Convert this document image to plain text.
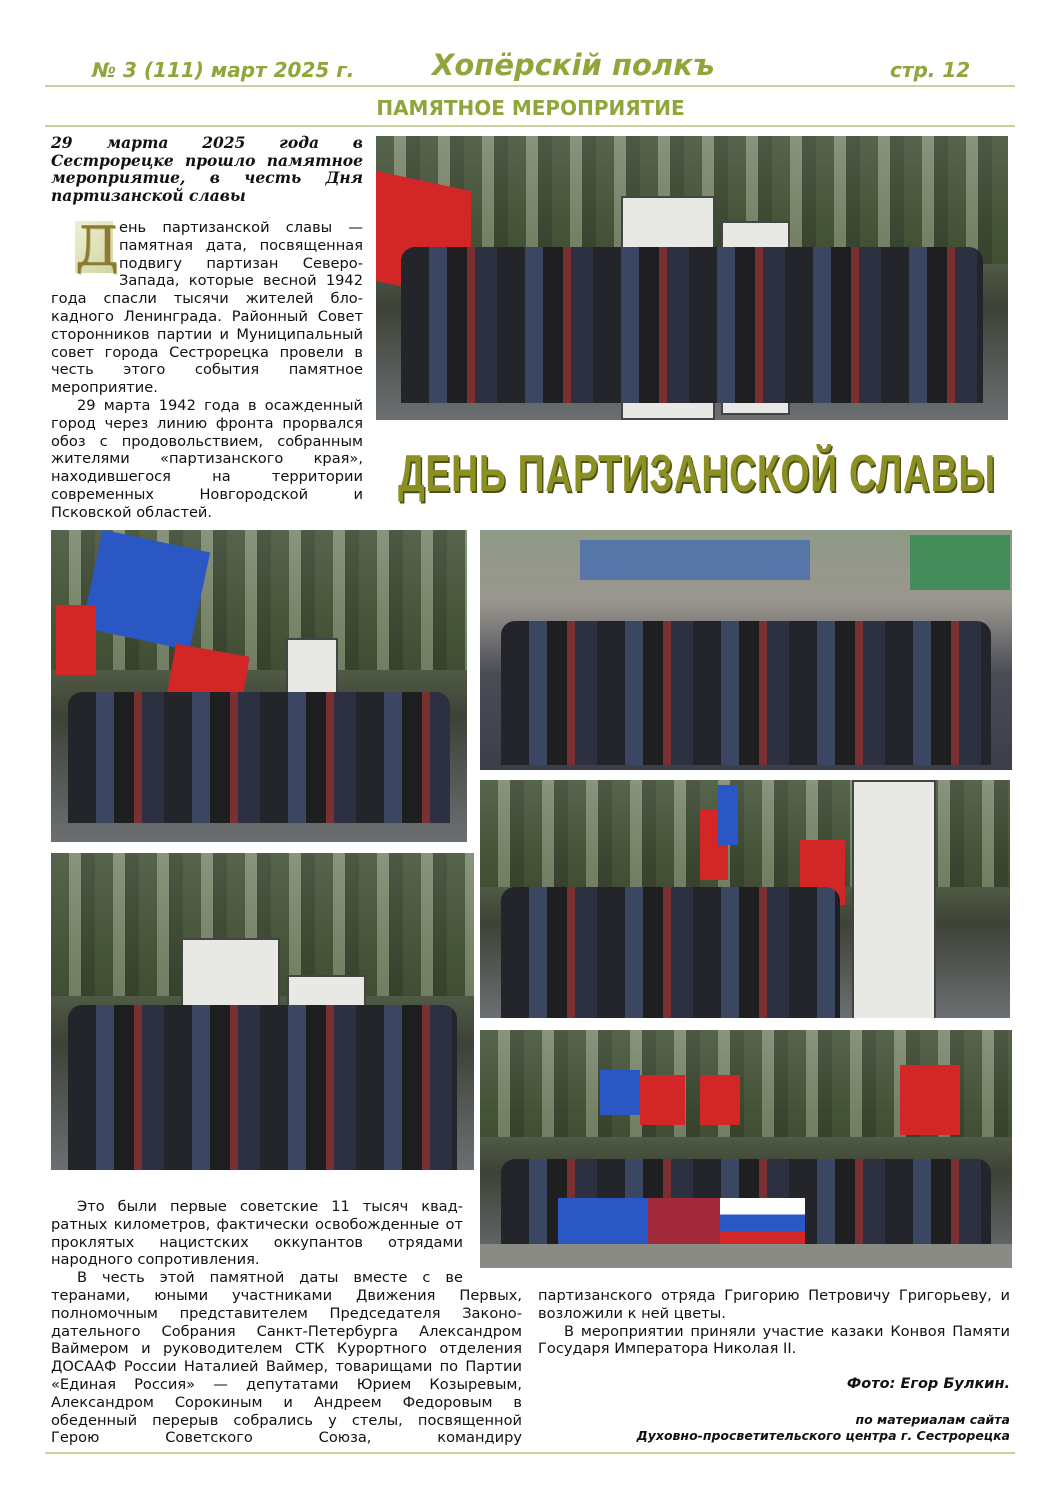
№ 3 (111) март 2025 г.	Хопёрскiй полкъ	стр. 12
ПАМЯТНОЕ МЕРОПРИЯТИЕ
29 марта 2025 года в Сестрорецке прошло памятное мероприятие, в честь Дня партизанской славы
Д ень партизанской славы — памятная дата, посвященная подвигу партизан Северо-Запада, которые весной 1942 года спасли тысячи жителей блокадного Ленинграда. Районный Совет сторонников партии и Муниципальный совет города Сестрорецка провели в честь этого события памятное мероприятие.

29 марта 1942 года в осажденный город через линию фронта прорвался обоз с продовольствием, собранным жителями «партизанского края», находившегося на территории современных Новгородской и Псковской областей.

ДЕНЬ ПАРТИЗАНСКОЙ СЛАВЫ

Это были первые советские 11 тысяч квадратных километров, фактически освобожденные от проклятых нацистских оккупантов отрядами народного сопротивления.

В честь этой памятной даты вместе с ве

теранами, юными участниками Движения Первых, полномочным представителем Председателя Законодательного Собрания Санкт-Петербурга Александром Ваймером и руководителем СТК Курортного отделения ДОСААФ России Наталией Ваймер, товарищами по Партии «Единая Россия» — депутатами Юрием Козыревым, Александром Сорокиным и Андреем Федоровым в обеденный перерыв собрались у стелы, посвященной Герою Советского Союза, командиру
партизанского отряда Григорию Петровичу Григорьеву, и возложили к ней цветы.

В мероприятии приняли участие казаки Конвоя Памяти Государя Императора Николая II.

Фото: Егор Булкин.
по материалам сайта
Духовно-просветительского центра г. Сестрорецка
